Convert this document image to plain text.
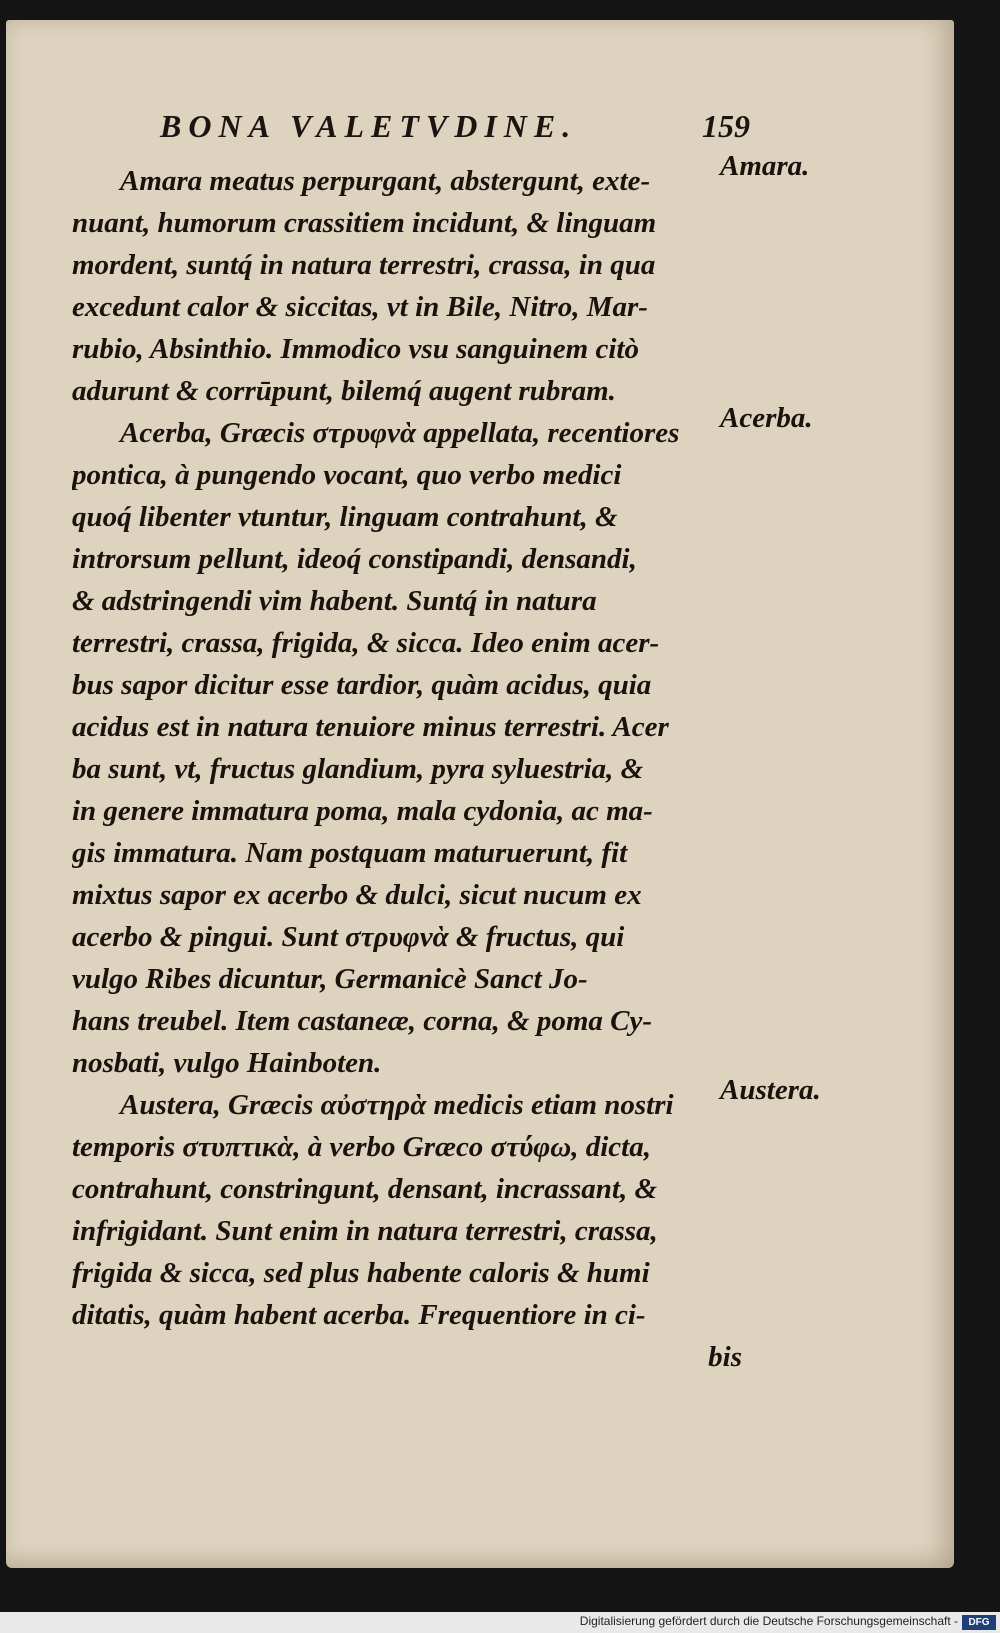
BONA VALETVDINE.	159
Amara meatus perpurgant, abstergunt, exte-
nuant, humorum crassitiem incidunt, & linguam
mordent, suntq́ in natura terrestri, crassa, in qua
excedunt calor & siccitas, vt in Bile, Nitro, Mar-
rubio, Absinthio. Immodico vsu sanguinem citò
adurunt & corrūpunt, bilemq́ augent rubram.
Acerba, Græcis στρυφνὰ appellata, recentiores
pontica, à pungendo vocant, quo verbo medici
quoq́ libenter vtuntur, linguam contrahunt, &
introrsum pellunt, ideoq́ constipandi, densandi,
& adstringendi vim habent. Suntq́ in natura
terrestri, crassa, frigida, & sicca. Ideo enim acer-
bus sapor dicitur esse tardior, quàm acidus, quia
acidus est in natura tenuiore minus terrestri. Acer
ba sunt, vt, fructus glandium, pyra syluestria, &
in genere immatura poma, mala cydonia, ac ma-
gis immatura. Nam postquam maturuerunt, fit
mixtus sapor ex acerbo & dulci, sicut nucum ex
acerbo & pingui. Sunt στρυφνὰ & fructus, qui
vulgo Ribes dicuntur, Germanicè Sanct Jo-
hans treubel. Item castaneæ, corna, & poma Cy-
nosbati, vulgo Hainboten.
Austera, Græcis αὐστηρὰ medicis etiam nostri
temporis στυπτικὰ, à verbo Græco στύφω, dicta,
contrahunt, constringunt, densant, incrassant, &
infrigidant. Sunt enim in natura terrestri, crassa,
frigida & sicca, sed plus habente caloris & humi
ditatis, quàm habent acerba. Frequentiore in ci-
bis
Amara.
Acerba.
Austera.
Digitalisierung gefördert durch die Deutsche Forschungsgemeinschaft -	DFG
